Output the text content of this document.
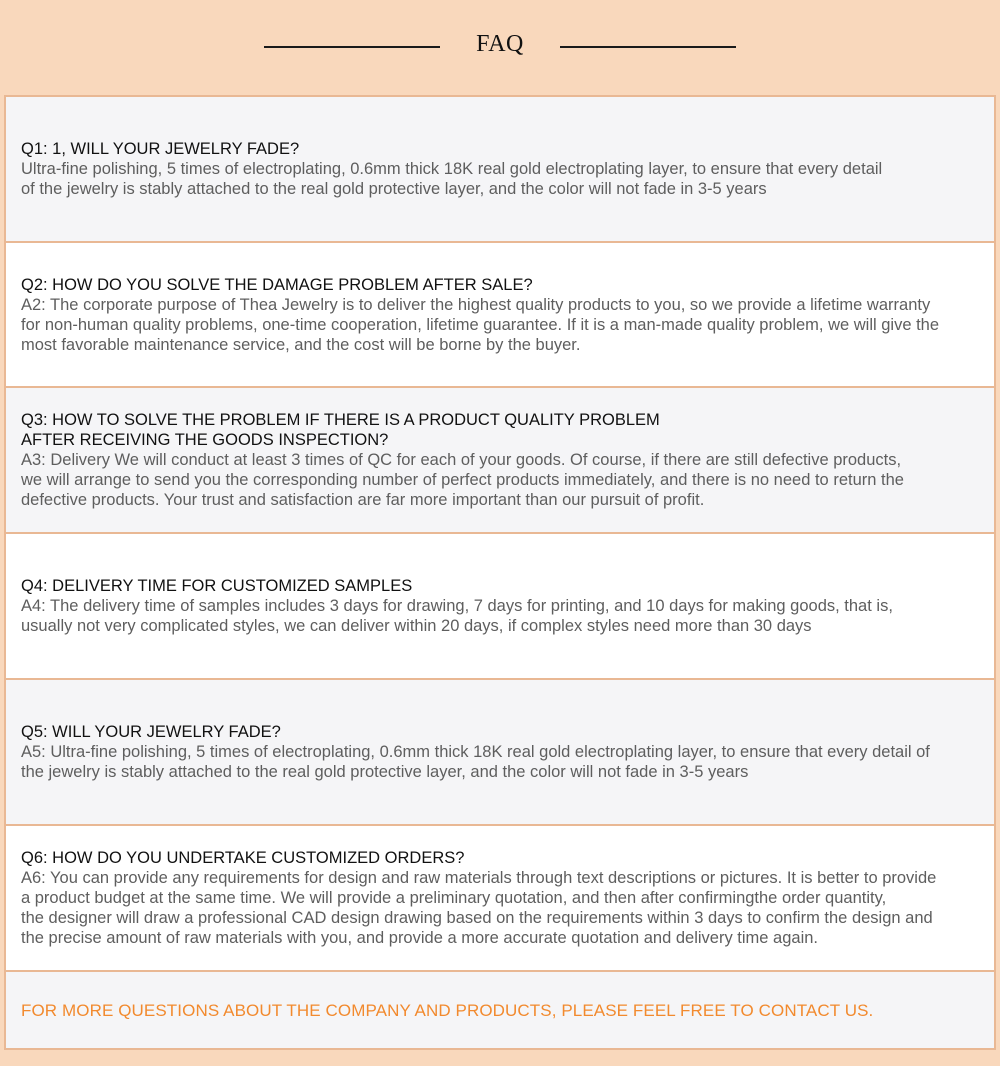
FAQ
Q1: 1, WILL YOUR JEWELRY FADE?
Ultra-fine polishing, 5 times of electroplating, 0.6mm thick 18K real gold electroplating layer, to ensure that every detail
of the jewelry is stably attached to the real gold protective layer, and the color will not fade in 3-5 years
Q2: HOW DO YOU SOLVE THE DAMAGE PROBLEM AFTER SALE?
A2: The corporate purpose of Thea Jewelry is to deliver the highest quality products to you, so we provide a lifetime warranty
for non-human quality problems, one-time cooperation, lifetime guarantee. If it is a man-made quality problem, we will give the
most favorable maintenance service, and the cost will be borne by the buyer.
Q3: HOW TO SOLVE THE PROBLEM IF THERE IS A PRODUCT QUALITY PROBLEM
AFTER RECEIVING THE GOODS INSPECTION?
A3: Delivery We will conduct at least 3 times of QC for each of your goods. Of course, if there are still defective products,
we will arrange to send you the corresponding number of perfect products immediately, and there is no need to return the
defective products. Your trust and satisfaction are far more important than our pursuit of profit.
Q4: DELIVERY TIME FOR CUSTOMIZED SAMPLES
A4: The delivery time of samples includes 3 days for drawing, 7 days for printing, and 10 days for making goods, that is,
usually not very complicated styles, we can deliver within 20 days, if complex styles need more than 30 days
Q5: WILL YOUR JEWELRY FADE?
A5: Ultra-fine polishing, 5 times of electroplating, 0.6mm thick 18K real gold electroplating layer, to ensure that every detail of
the jewelry is stably attached to the real gold protective layer, and the color will not fade in 3-5 years
Q6: HOW DO YOU UNDERTAKE CUSTOMIZED ORDERS?
A6: You can provide any requirements for design and raw materials through text descriptions or pictures. It is better to provide
a product budget at the same time. We will provide a preliminary quotation, and then after confirmingthe order quantity,
the designer will draw a professional CAD design drawing based on the requirements within 3 days to confirm the design and
the precise amount of raw materials with you, and provide a more accurate quotation and delivery time again.
FOR MORE QUESTIONS ABOUT THE COMPANY AND PRODUCTS, PLEASE FEEL FREE TO CONTACT US.
